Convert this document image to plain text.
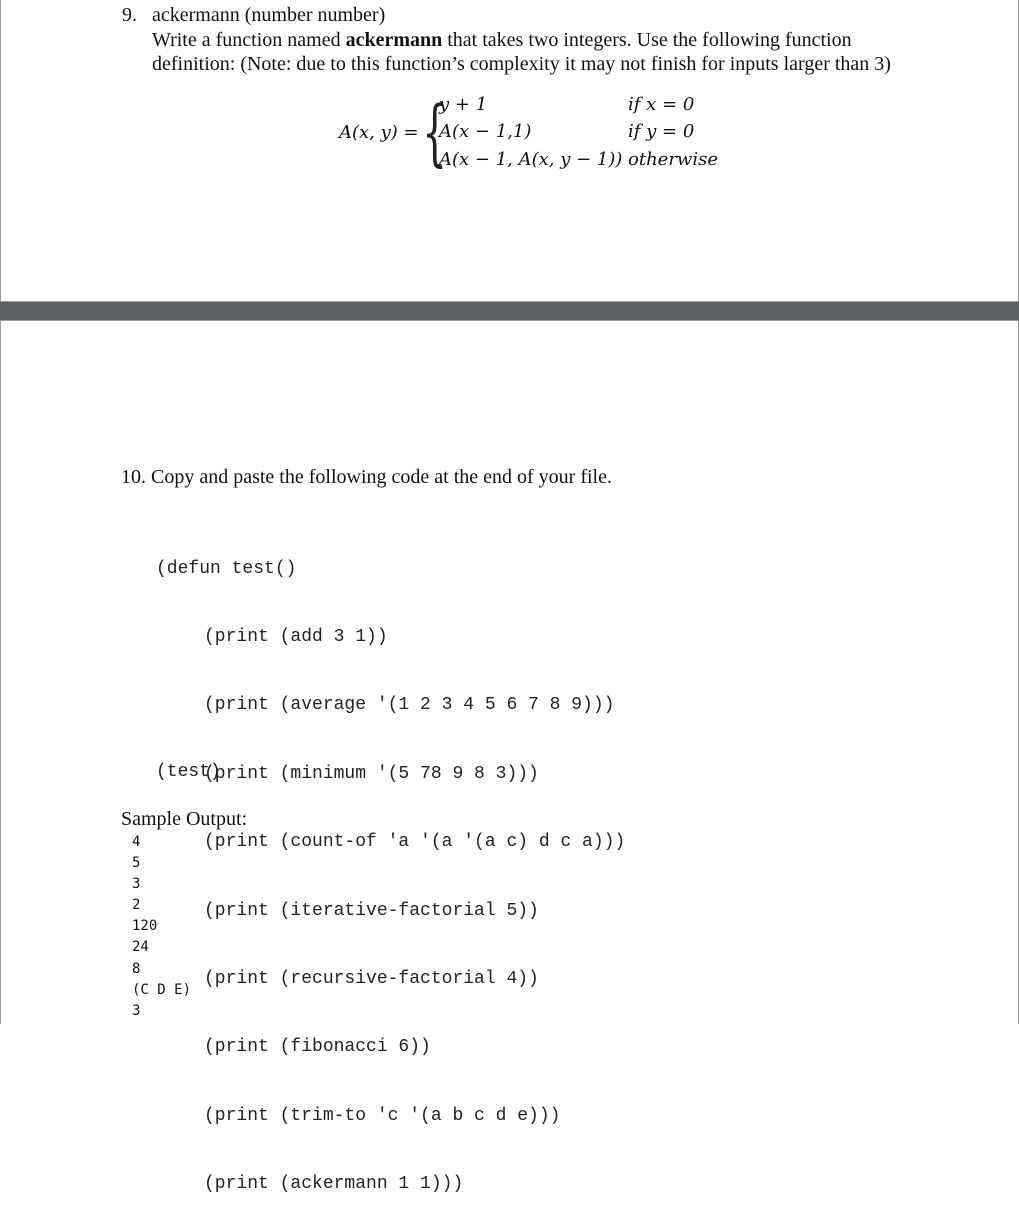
9. ackermann (number number)
Write a function named ackermann that takes two integers. Use the following function
definition: (Note: due to this function’s complexity it may not finish for inputs larger than 3)
A(x, y) = {
y + 1	if x = 0
A(x − 1,1)	if y = 0
A(x − 1, A(x, y − 1)) otherwise
10. Copy and paste the following code at the end of your file.

(defun test()

(print (add 3 1))

(print (average '(1 2 3 4 5 6 7 8 9)))

(print (minimum '(5 78 9 8 3)))

(print (count-of 'a '(a '(a c) d c a)))

(print (iterative-factorial 5))

(print (recursive-factorial 4))

(print (fibonacci 6))

(print (trim-to 'c '(a b c d e)))

(print (ackermann 1 1)))

(test)
Sample Output:
4
5
3
2
120
24
8
(C D E)
3
